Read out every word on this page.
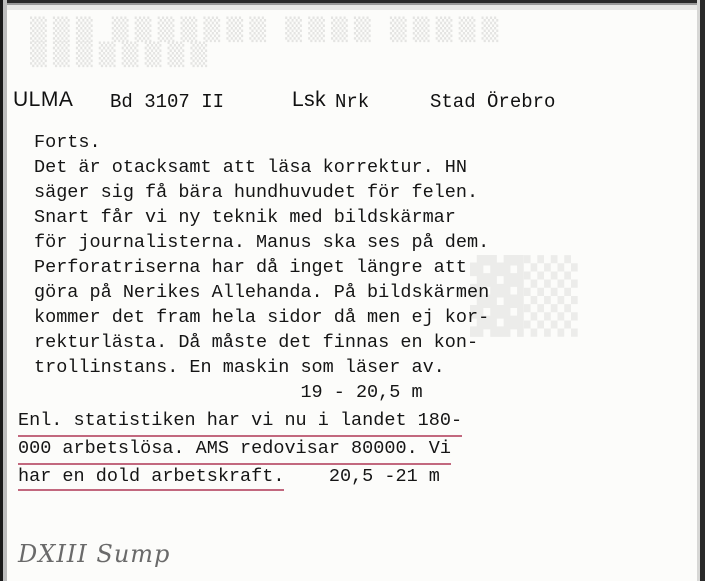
▒▒▒ ▒▒▒▒▒▒▒ ▒▒▒▒ ▒▒▒▒▒ ▒▒▒▒▒▒▒▒
▓▒
ULMA Bd 3107 II	Lsk Nrk	Stad Örebro
Forts.
Det är otacksamt att läsa korrektur. HN
säger sig få bära hundhuvudet för felen.
Snart får vi ny teknik med bildskärmar
för journalisterna. Manus ska ses på dem.
Perforatriserna har då inget längre att
göra på Nerikes Allehanda. På bildskärmen
kommer det fram hela sidor då men ej kor-
rekturlästa. Då måste det finnas en kon-
trollinstans. En maskin som läser av.
19 - 20,5 m
Enl. statistiken har vi nu i landet 180-
000 arbetslösa. AMS redovisar 80000. Vi
har en dold arbetskraft.    20,5 -21 m
DXIII Sump
